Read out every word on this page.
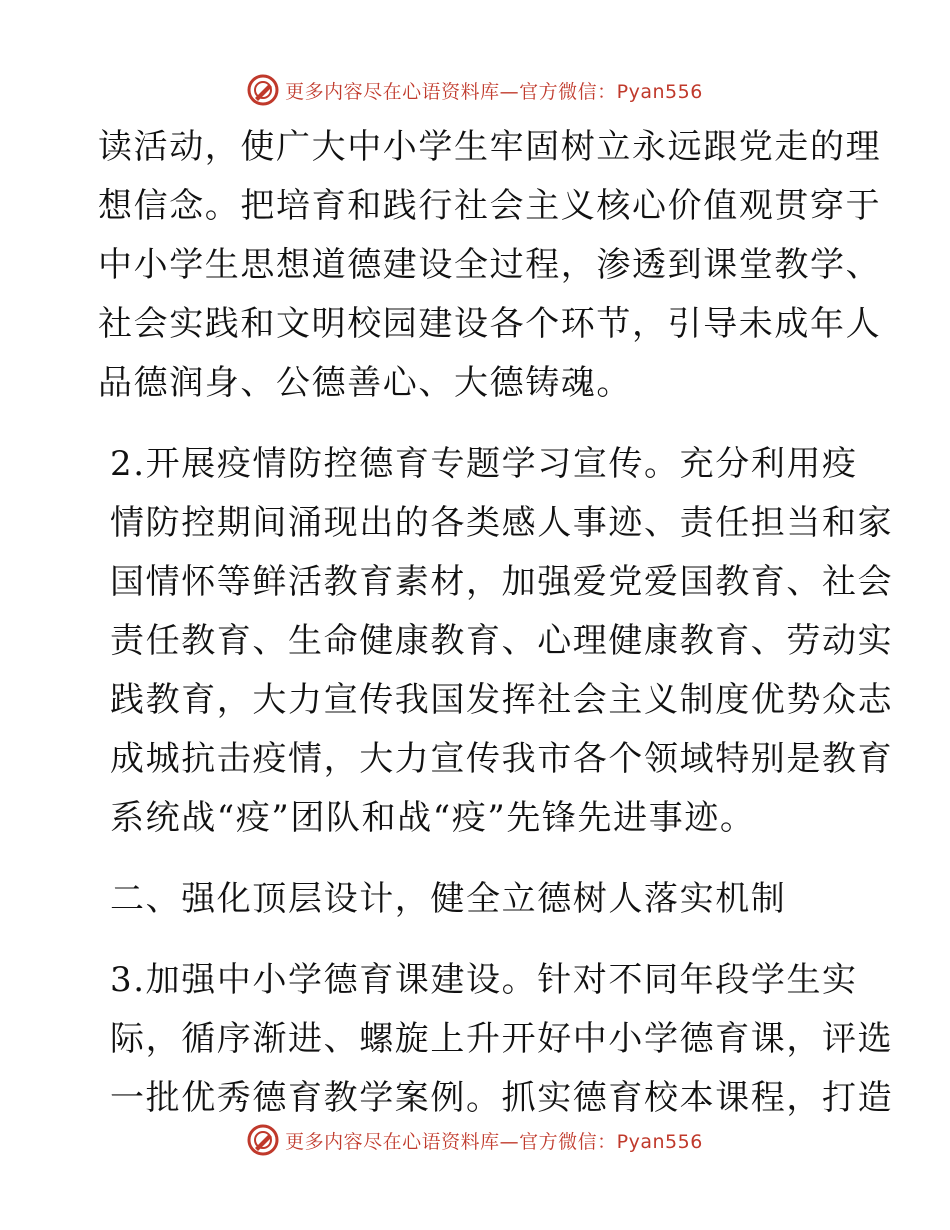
更多内容尽在心语资料库—官方微信：Pyan556

读活动，使广大中小学生牢固树立永远跟党走的理
想信念。把培育和践行社会主义核心价值观贯穿于
中小学生思想道德建设全过程，渗透到课堂教学、
社会实践和文明校园建设各个环节，引导未成年人
品德润身、公德善心、大德铸魂。

2.开展疫情防控德育专题学习宣传。充分利用疫
情防控期间涌现出的各类感人事迹、责任担当和家
国情怀等鲜活教育素材，加强爱党爱国教育、社会
责任教育、生命健康教育、心理健康教育、劳动实
践教育，大力宣传我国发挥社会主义制度优势众志
成城抗击疫情，大力宣传我市各个领域特别是教育
系统战“疫”团队和战“疫”先锋先进事迹。

二、强化顶层设计，健全立德树人落实机制

3.加强中小学德育课建设。针对不同年段学生实
际，循序渐进、螺旋上升开好中小学德育课，评选
一批优秀德育教学案例。抓实德育校本课程，打造

更多内容尽在心语资料库—官方微信：Pyan556
